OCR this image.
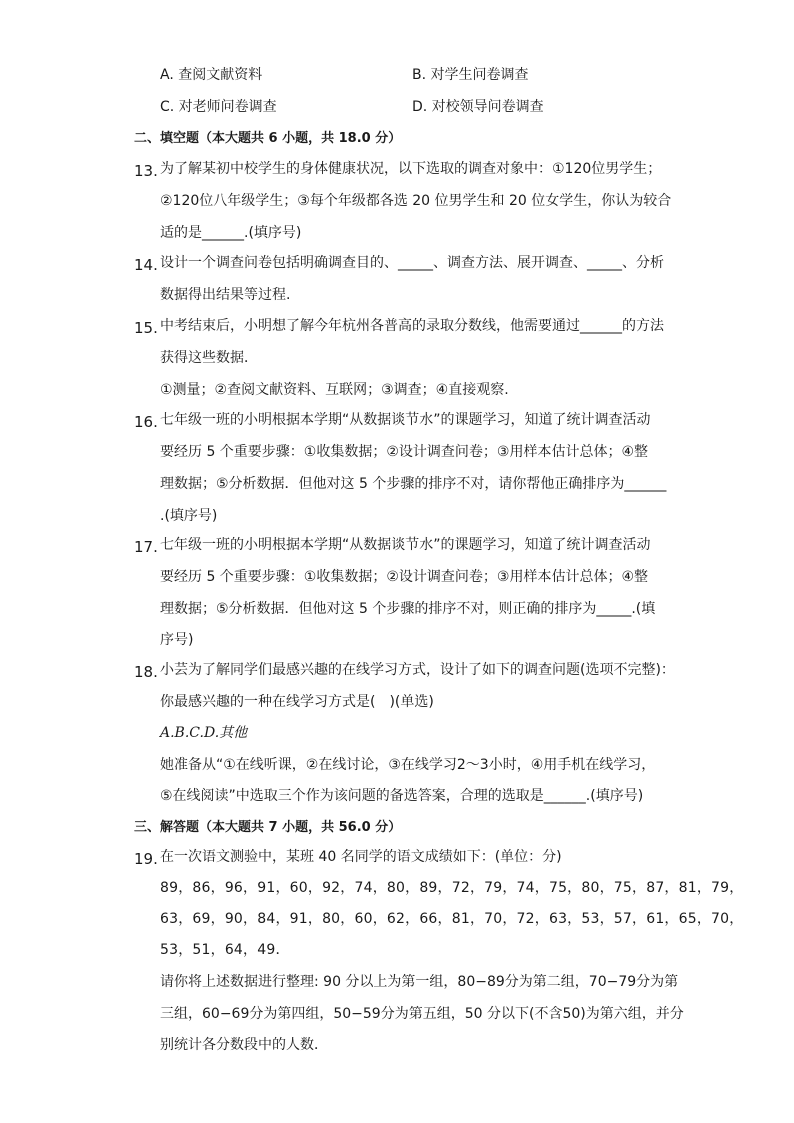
A. 查阅文献资料	B. 对学生问卷调查
C. 对老师问卷调查	D. 对校领导问卷调查
二、填空题（本大题共 6 小题，共 18.0 分）
13. 为了解某初中校学生的身体健康状况，以下选取的调查对象中：①120位男学生；
②120位八年级学生；③每个年级都各选 20 位男学生和 20 位女学生，你认为较合
适的是______.(填序号)
14. 设计一个调查问卷包括明确调查目的、_____、调查方法、展开调查、_____、分析
数据得出结果等过程.
15. 中考结束后，小明想了解今年杭州各普高的录取分数线，他需要通过______的方法
获得这些数据．
①测量；②查阅文献资料、互联网；③调查；④直接观察.
16. 七年级一班的小明根据本学期“从数据谈节水”的课题学习，知道了统计调查活动
要经历 5 个重要步骤：①收集数据；②设计调查问卷；③用样本估计总体；④整
理数据；⑤分析数据．但他对这 5 个步骤的排序不对，请你帮他正确排序为______
.(填序号)
17. 七年级一班的小明根据本学期“从数据谈节水”的课题学习，知道了统计调查活动
要经历 5 个重要步骤：①收集数据；②设计调查问卷；③用样本估计总体；④整
理数据；⑤分析数据．但他对这 5 个步骤的排序不对，则正确的排序为_____.(填
序号)
18. 小芸为了解同学们最感兴趣的在线学习方式，设计了如下的调查问题(选项不完整)：
你最感兴趣的一种在线学习方式是(　)(单选)
A.B.C.D.其他
她准备从“①在线听课，②在线讨论，③在线学习2～3小时，④用手机在线学习，
⑤在线阅读”中选取三个作为该问题的备选答案，合理的选取是______.(填序号)
三、解答题（本大题共 7 小题，共 56.0 分）
19. 在一次语文测验中，某班 40 名同学的语文成绩如下：(单位：分)
89，86，96，91，60，92，74，80，89，72，79，74，75，80，75，87，81，79，
63，69，90，84，91，80，60，62，66，81，70，72，63，53，57，61，65，70，
53，51，64，49．
请你将上述数据进行整理: 90 分以上为第一组，80−89分为第二组，70−79分为第
三组，60−69分为第四组，50−59分为第五组，50 分以下(不含50)为第六组，并分
别统计各分数段中的人数．
